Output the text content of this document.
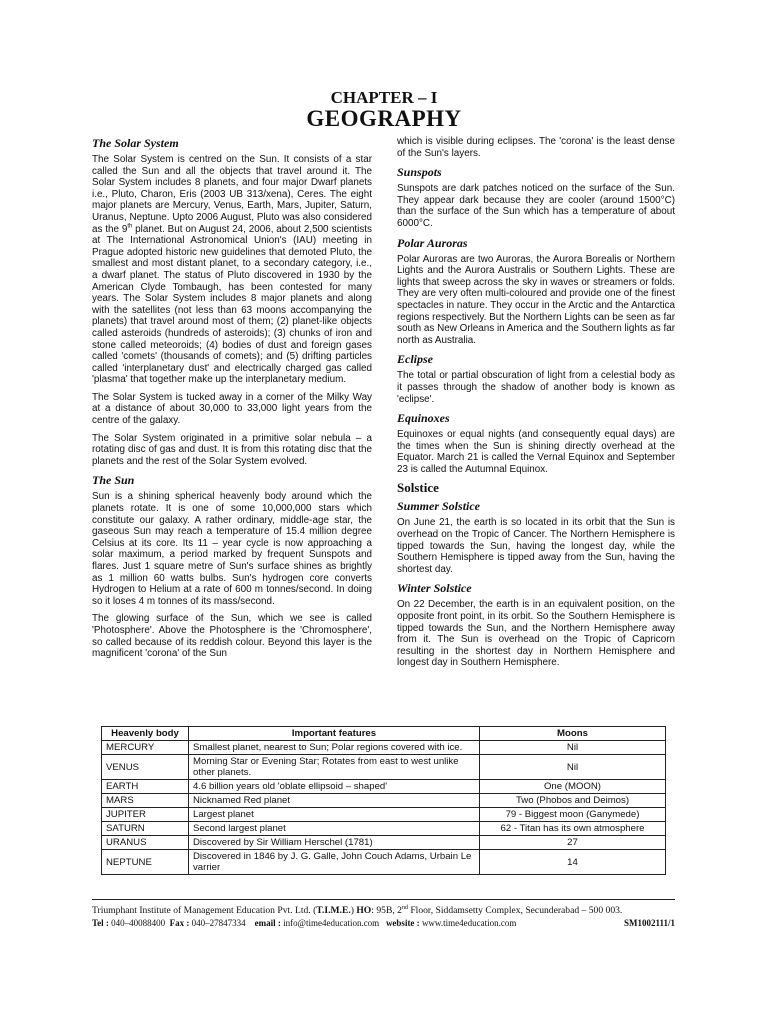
CHAPTER – I
GEOGRAPHY
The Solar System

The Solar System is centred on the Sun. It consists of a star called the Sun and all the objects that travel around it. The Solar System includes 8 planets, and four major Dwarf planets i.e., Pluto, Charon, Eris (2003 UB 313/xena), Ceres. The eight major planets are Mercury, Venus, Earth, Mars, Jupiter, Saturn, Uranus, Neptune. Upto 2006 August, Pluto was also considered as the 9th planet. But on August 24, 2006, about 2,500 scientists at The International Astronomical Union's (IAU) meeting in Prague adopted historic new guidelines that demoted Pluto, the smallest and most distant planet, to a secondary category, i.e., a dwarf planet. The status of Pluto discovered in 1930 by the American Clyde Tombaugh, has been contested for many years. The Solar System includes 8 major planets and along with the satellites (not less than 63 moons accompanying the planets) that travel around most of them; (2) planet-like objects called asteroids (hundreds of asteroids); (3) chunks of iron and stone called meteoroids; (4) bodies of dust and foreign gases called 'comets' (thousands of comets); and (5) drifting particles called 'interplanetary dust' and electrically charged gas called 'plasma' that together make up the interplanetary medium.

The Solar System is tucked away in a corner of the Milky Way at a distance of about 30,000 to 33,000 light years from the centre of the galaxy.

The Solar System originated in a primitive solar nebula – a rotating disc of gas and dust. It is from this rotating disc that the planets and the rest of the Solar System evolved.

The Sun

Sun is a shining spherical heavenly body around which the planets rotate. It is one of some 10,000,000 stars which constitute our galaxy. A rather ordinary, middle-age star, the gaseous Sun may reach a temperature of 15.4 million degree Celsius at its core. Its 11 – year cycle is now approaching a solar maximum, a period marked by frequent Sunspots and flares. Just 1 square metre of Sun's surface shines as brightly as 1 million 60 watts bulbs. Sun's hydrogen core converts Hydrogen to Helium at a rate of 600 m tonnes/second. In doing so it loses 4 m tonnes of its mass/second.

The glowing surface of the Sun, which we see is called 'Photosphere'. Above the Photosphere is the 'Chromosphere', so called because of its reddish colour. Beyond this layer is the magnificent 'corona' of the Sun

which is visible during eclipses. The 'corona' is the least dense of the Sun's layers.

Sunspots

Sunspots are dark patches noticed on the surface of the Sun. They appear dark because they are cooler (around 1500°C) than the surface of the Sun which has a temperature of about 6000°C.

Polar Auroras

Polar Auroras are two Auroras, the Aurora Borealis or Northern Lights and the Aurora Australis or Southern Lights. These are lights that sweep across the sky in waves or streamers or folds. They are very often multi-coloured and provide one of the finest spectacles in nature. They occur in the Arctic and the Antarctica regions respectively. But the Northern Lights can be seen as far south as New Orleans in America and the Southern lights as far north as Australia.

Eclipse

The total or partial obscuration of light from a celestial body as it passes through the shadow of another body is known as 'eclipse'.

Equinoxes

Equinoxes or equal nights (and consequently equal days) are the times when the Sun is shining directly overhead at the Equator. March 21 is called the Vernal Equinox and September 23 is called the Autumnal Equinox.

Solstice
Summer Solstice

On June 21, the earth is so located in its orbit that the Sun is overhead on the Tropic of Cancer. The Northern Hemisphere is tipped towards the Sun, having the longest day, while the Southern Hemisphere is tipped away from the Sun, having the shortest day.

Winter Solstice

On 22 December, the earth is in an equivalent position, on the opposite front point, in its orbit. So the Southern Hemisphere is tipped towards the Sun, and the Northern Hemisphere away from it. The Sun is overhead on the Tropic of Capricorn resulting in the shortest day in Northern Hemisphere and longest day in Southern Hemisphere.

Heavenly body	Important features	Moons
MERCURY	Smallest planet, nearest to Sun; Polar regions covered with ice.	Nil
VENUS	Morning Star or Evening Star; Rotates from east to west unlike other planets.	Nil
EARTH	4.6 billion years old 'oblate ellipsoid – shaped'	One (MOON)
MARS	Nicknamed Red planet	Two (Phobos and Deimos)
JUPITER	Largest planet	79 - Biggest moon (Ganymede)
SATURN	Second largest planet	62 - Titan has its own atmosphere
URANUS	Discovered by Sir William Herschel (1781)	27
NEPTUNE	Discovered in 1846 by J. G. Galle, John Couch Adams, Urbain Le varrier	14
Triumphant Institute of Management Education Pvt. Ltd. (T.I.M.E.) HO: 95B, 2nd Floor, Siddamsetty Complex, Secunderabad – 500 003.
Tel : 040–40088400 Fax : 040–27847334 email : info@time4education.com website : www.time4education.com	SM1002111/1
